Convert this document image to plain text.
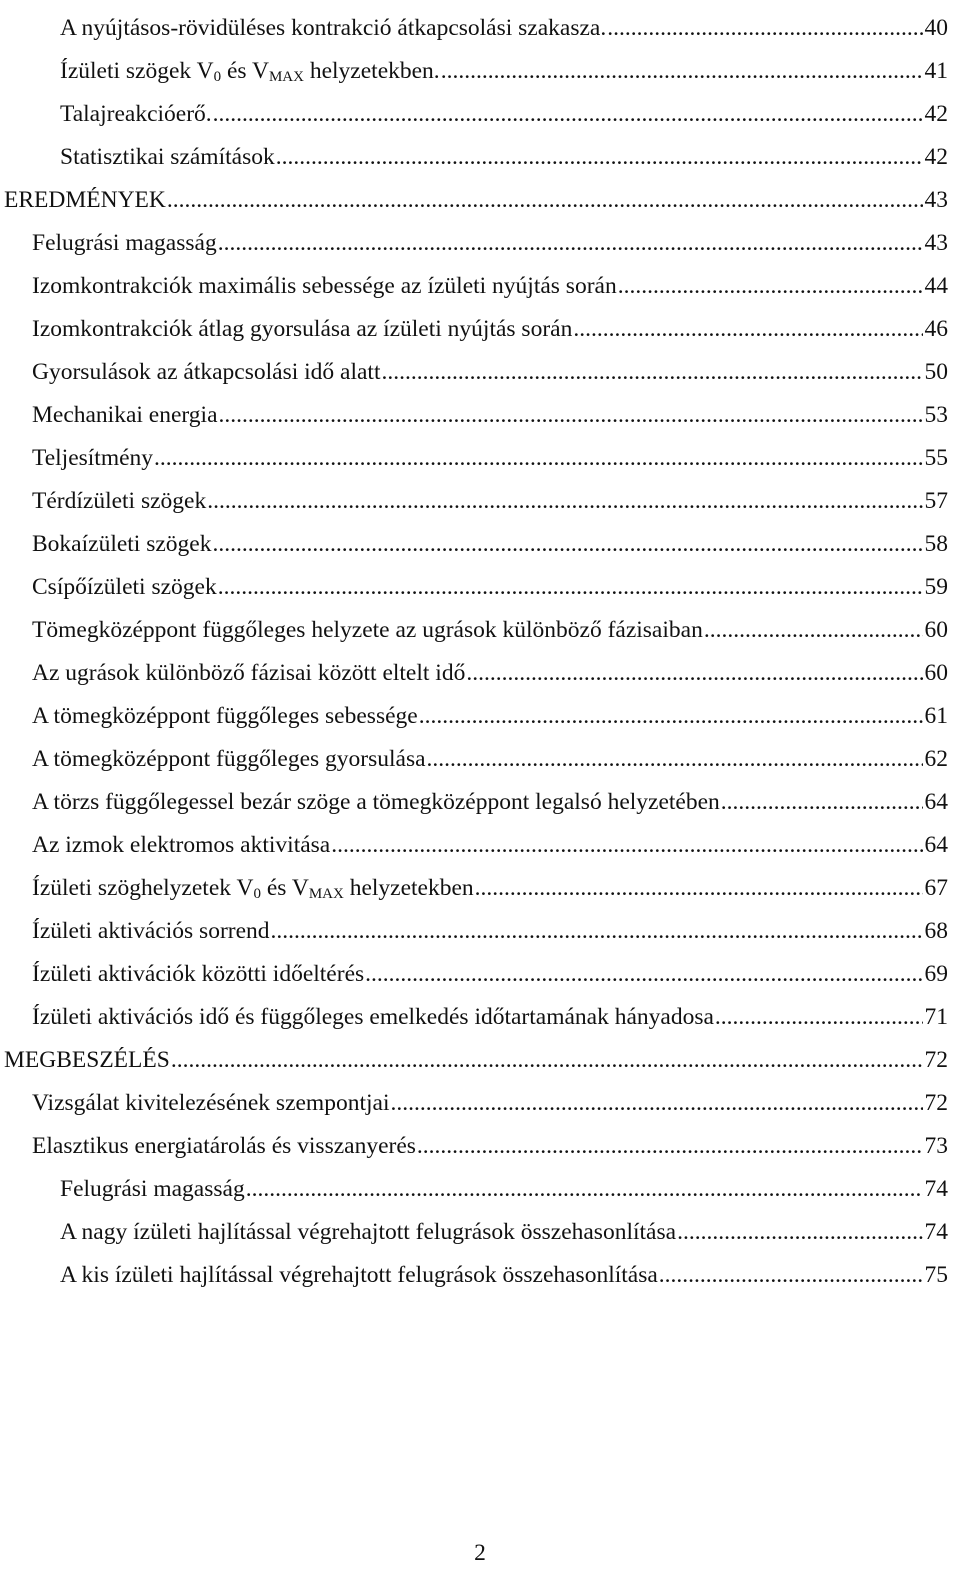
A nyújtásos-rövidüléses kontrakció átkapcsolási szakasza. .....	40
Ízületi szögek $V_0$ és $V_{MAX}$ helyzetekben. .....	41
Talajreakcióerő. .....	42
Statisztikai számítások .....	42
EREDMÉNYEK .....	43
Felugrási magasság .....	43
Izomkontrakciók maximális sebessége az ízületi nyújtás során .....	44
Izomkontrakciók átlag gyorsulása az ízületi nyújtás során .....	46
Gyorsulások az átkapcsolási idő alatt .....	50
Mechanikai energia .....	53
Teljesítmény .....	55
Térdízületi szögek .....	57
Bokaízületi szögek .....	58
Csípőízületi szögek .....	59
Tömegközéppont függőleges helyzete az ugrások különböző fázisaiban .....	60
Az ugrások különböző fázisai között eltelt idő .....	60
A tömegközéppont függőleges sebessége .....	61
A tömegközéppont függőleges gyorsulása .....	62
A törzs függőlegessel bezár szöge a tömegközéppont legalsó helyzetében .....	64
Az izmok elektromos aktivitása .....	64
Ízületi szöghelyzetek $V_0$ és $V_{MAX}$ helyzetekben .....	67
Ízületi aktivációs sorrend .....	68
Ízületi aktivációk közötti időeltérés .....	69
Ízületi aktivációs idő és függőleges emelkedés időtartamának hányadosa .....	71
MEGBESZÉLÉS .....	72
Vizsgálat kivitelezésének szempontjai .....	72
Elasztikus energiatárolás és visszanyerés .....	73
Felugrási magasság .....	74
A nagy ízületi hajlítással végrehajtott felugrások összehasonlítása .....	74
A kis ízületi hajlítással végrehajtott felugrások összehasonlítása .....	75
2
